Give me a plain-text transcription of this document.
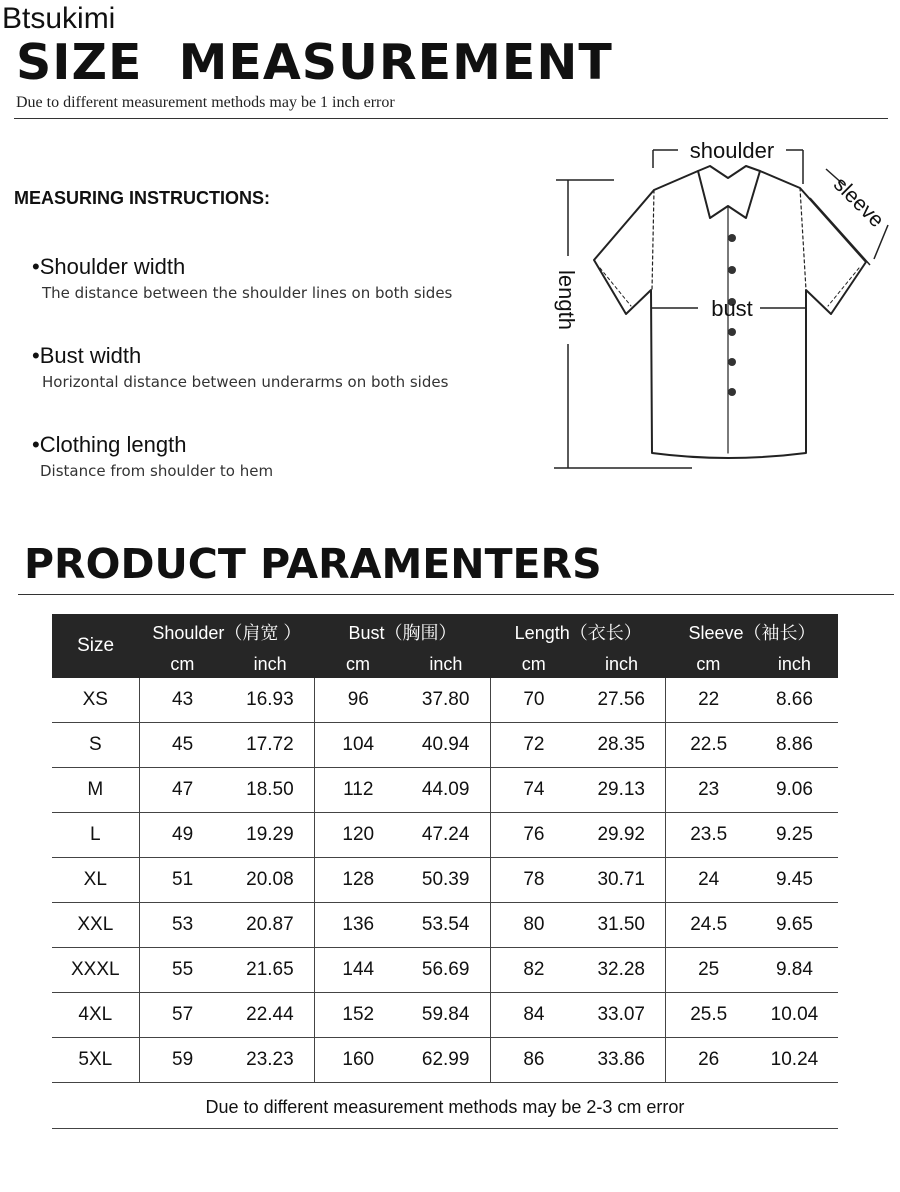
Btsukimi
SIZE  MEASUREMENT
Due to different measurement methods may be 1 inch error
MEASURING INSTRUCTIONS:
•Shoulder width
The distance between the shoulder lines on both sides
•Bust width
Horizontal distance between underarms on both sides
•Clothing length
Distance from shoulder to hem
shoulder
bust
length
sleeve
PRODUCT PARAMENTERS
Size	Shoulder（肩宽 ）		Bust（胸围）		Length（衣长）		Sleeve（袖长）	
	cm	inch	cm	inch	cm	inch	cm	inch
XS	43	16.93	96	37.80	70	27.56	22	8.66
S	45	17.72	104	40.94	72	28.35	22.5	8.86
M	47	18.50	112	44.09	74	29.13	23	9.06
L	49	19.29	120	47.24	76	29.92	23.5	9.25
XL	51	20.08	128	50.39	78	30.71	24	9.45
XXL	53	20.87	136	53.54	80	31.50	24.5	9.65
XXXL	55	21.65	144	56.69	82	32.28	25	9.84
4XL	57	22.44	152	59.84	84	33.07	25.5	10.04
5XL	59	23.23	160	62.99	86	33.86	26	10.24
Due to different measurement methods may be 2-3 cm error
